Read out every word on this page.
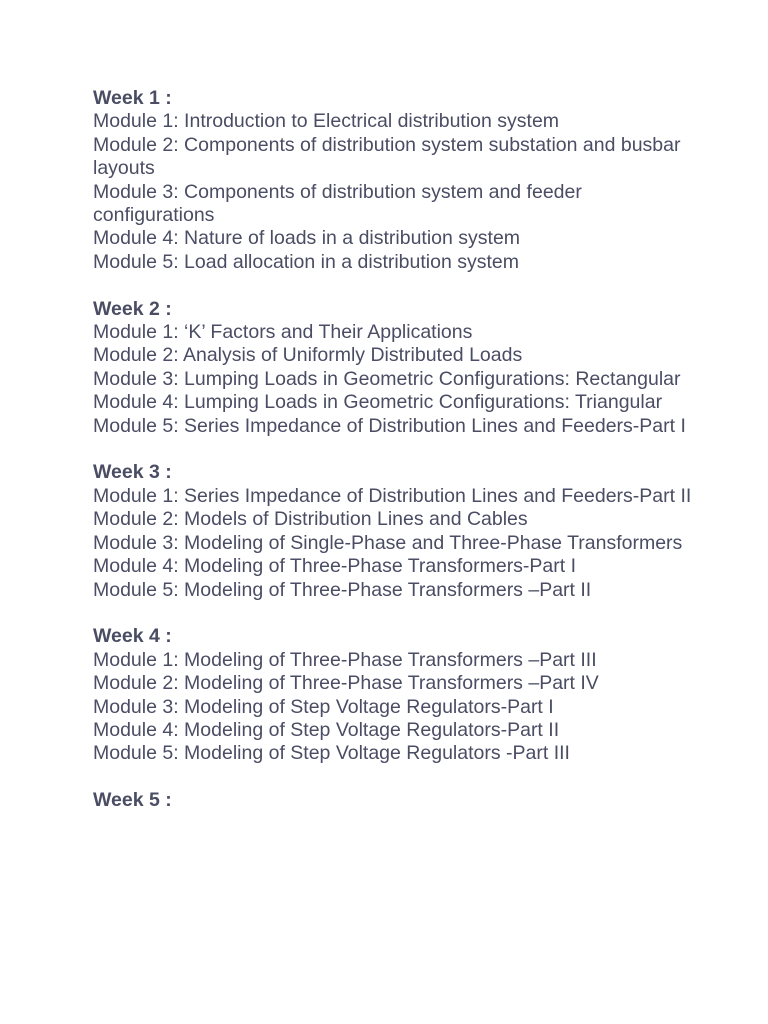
Week 1 :
Module 1: Introduction to Electrical distribution system
Module 2: Components of distribution system substation and busbar layouts
Module 3: Components of distribution system and feeder configurations
Module 4: Nature of loads in a distribution system
Module 5: Load allocation in a distribution system
Week 2 :
Module 1: ‘K’ Factors and Their Applications
Module 2: Analysis of Uniformly Distributed Loads
Module 3: Lumping Loads in Geometric Configurations: Rectangular
Module 4: Lumping Loads in Geometric Configurations: Triangular
Module 5: Series Impedance of Distribution Lines and Feeders-Part I
Week 3 :
Module 1: Series Impedance of Distribution Lines and Feeders-Part II
Module 2: Models of Distribution Lines and Cables
Module 3: Modeling of Single-Phase and Three-Phase Transformers
Module 4: Modeling of Three-Phase Transformers-Part I
Module 5: Modeling of Three-Phase Transformers –Part II
Week 4 :
Module 1: Modeling of Three-Phase Transformers –Part III
Module 2: Modeling of Three-Phase Transformers –Part IV
Module 3: Modeling of Step Voltage Regulators-Part I
Module 4: Modeling of Step Voltage Regulators-Part II
Module 5: Modeling of Step Voltage Regulators -Part III
Week 5 :
